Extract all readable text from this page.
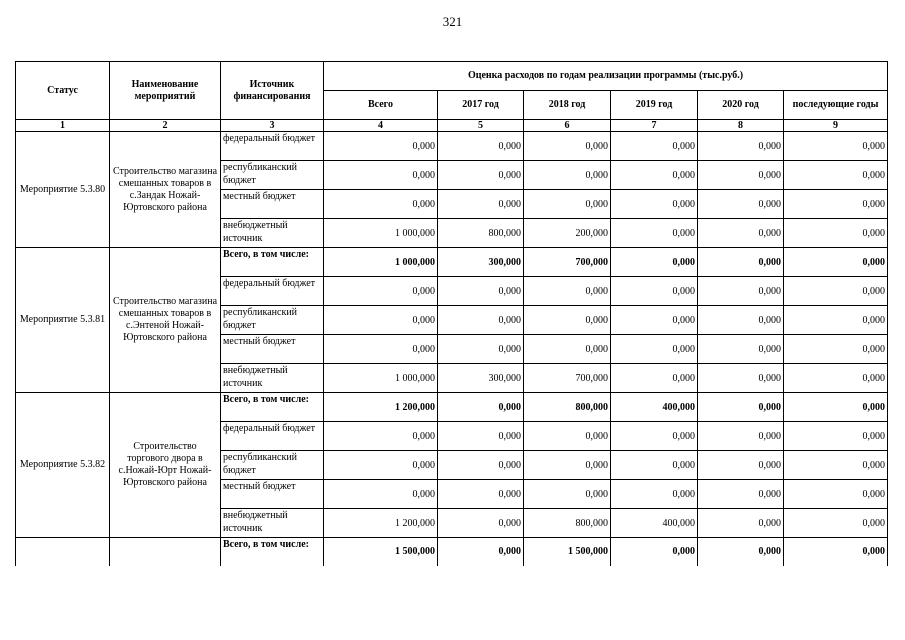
321
Статус	Наименование мероприятий	Источник финансирования	Оценка расходов по годам реализации программы (тыс.руб.)					
			Всего	2017 год	2018 год	2019 год	2020 год	последующие годы
1	2	3	4	5	6	7	8	9
Мероприятие 5.3.80	Строительство магазина смешанных товаров в с.Зандак Ножай-Юртовского района	федеральный бюджет	0,000	0,000	0,000	0,000	0,000	0,000
		республиканский бюджет	0,000	0,000	0,000	0,000	0,000	0,000
		местный бюджет	0,000	0,000	0,000	0,000	0,000	0,000
		внебюджетный источник	1 000,000	800,000	200,000	0,000	0,000	0,000
Мероприятие 5.3.81	Строительство магазина смешанных товаров в с.Энтеной Ножай-Юртовского района	Всего, в том числе:	1 000,000	300,000	700,000	0,000	0,000	0,000
		федеральный бюджет	0,000	0,000	0,000	0,000	0,000	0,000
		республиканский бюджет	0,000	0,000	0,000	0,000	0,000	0,000
		местный бюджет	0,000	0,000	0,000	0,000	0,000	0,000
		внебюджетный источник	1 000,000	300,000	700,000	0,000	0,000	0,000
Мероприятие 5.3.82	Строительство торгового двора в с.Ножай-Юрт Ножай-Юртовского района	Всего, в том числе:	1 200,000	0,000	800,000	400,000	0,000	0,000
		федеральный бюджет	0,000	0,000	0,000	0,000	0,000	0,000
		республиканский бюджет	0,000	0,000	0,000	0,000	0,000	0,000
		местный бюджет	0,000	0,000	0,000	0,000	0,000	0,000
		внебюджетный источник	1 200,000	0,000	800,000	400,000	0,000	0,000
		Всего, в том числе:	1 500,000	0,000	1 500,000	0,000	0,000	0,000
